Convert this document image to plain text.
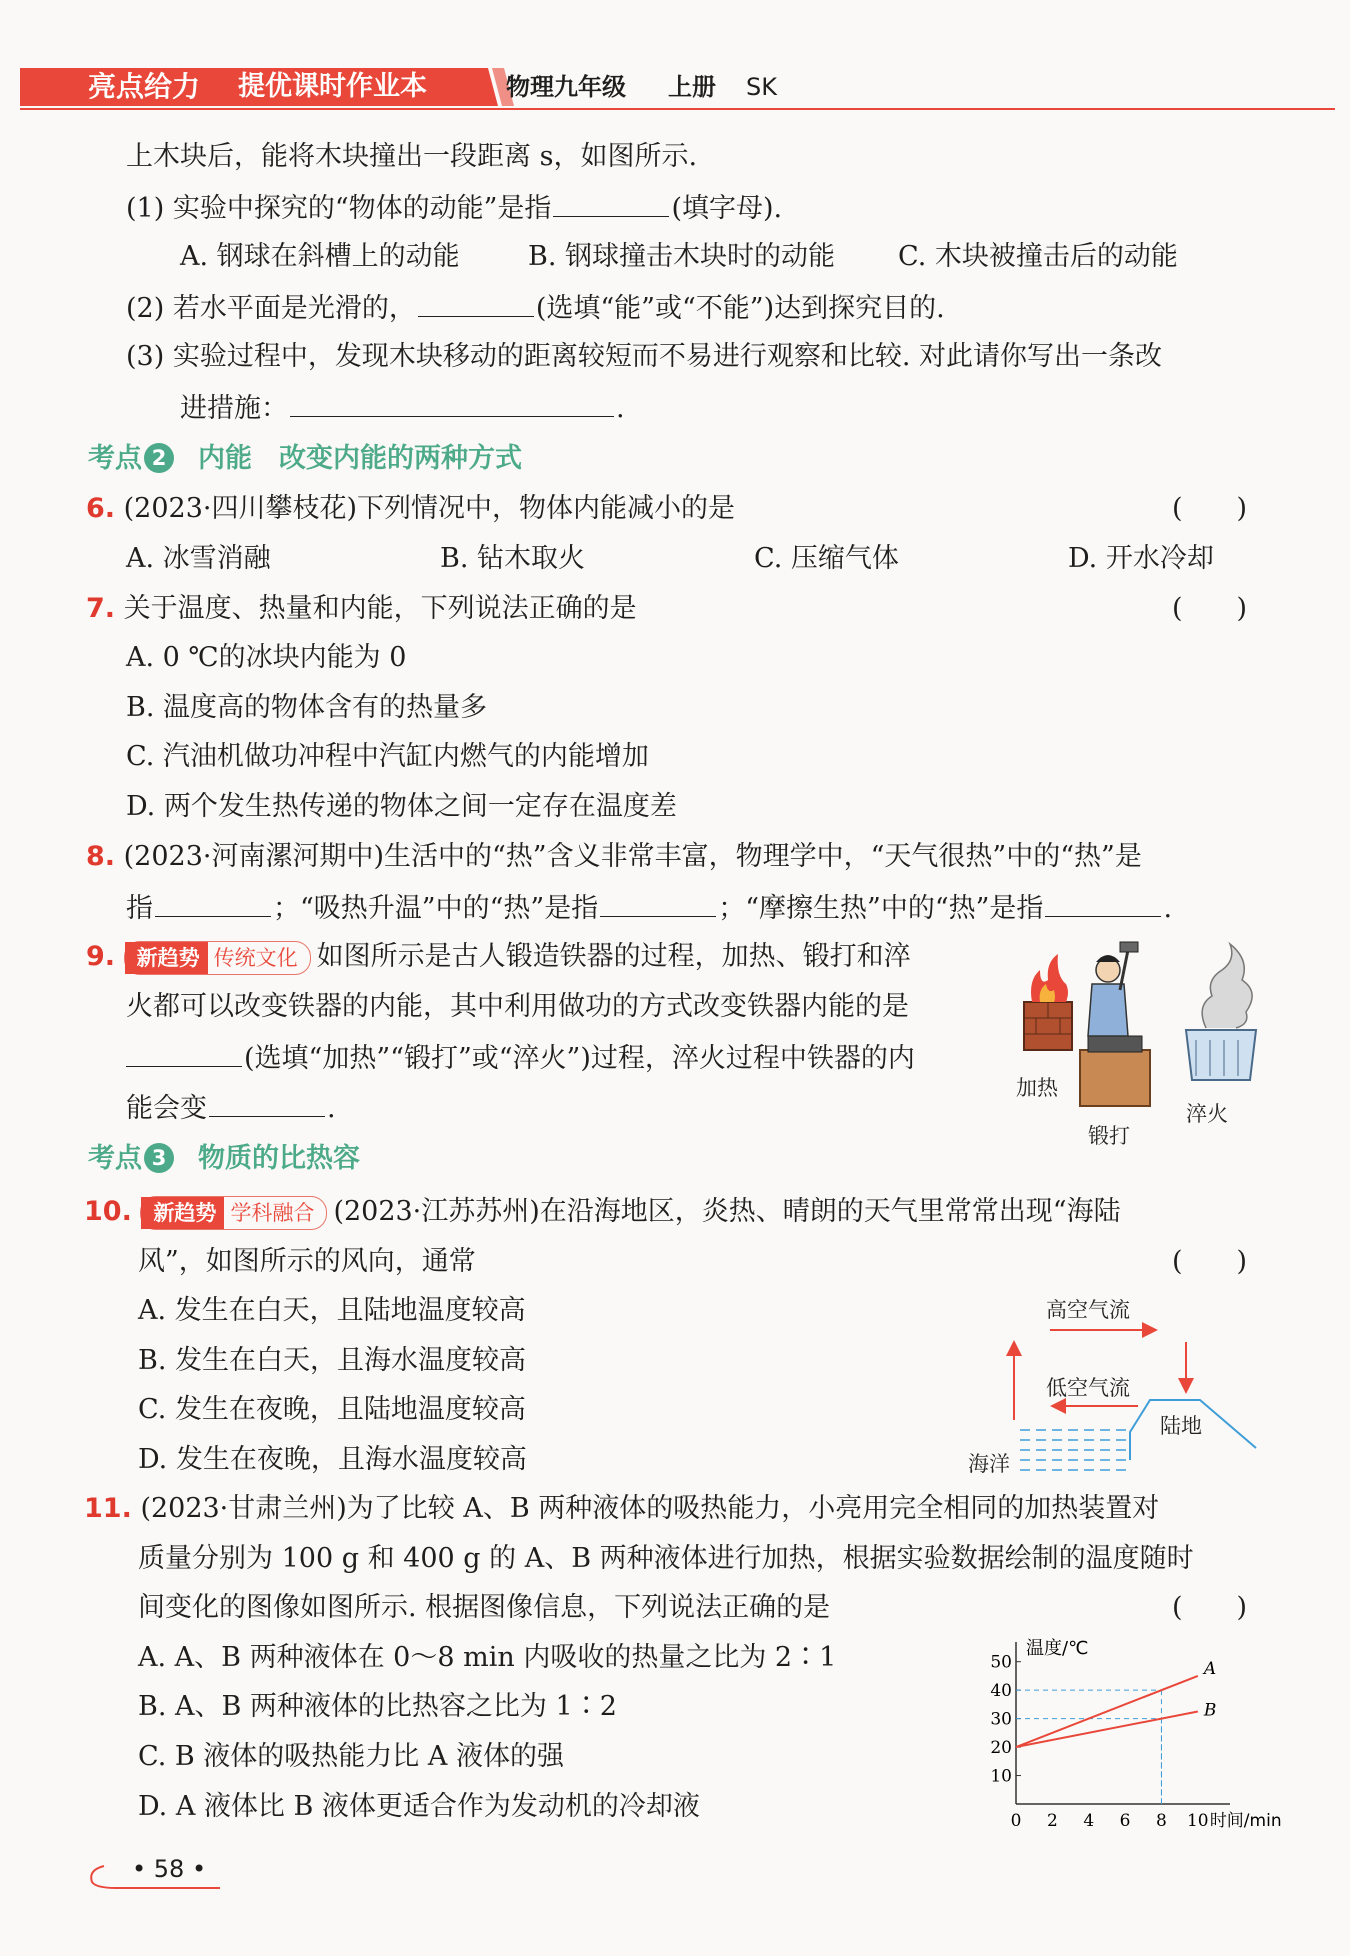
亮点给力 提优课时作业本	物理九年级 上册 SK
上木块后，能将木块撞出一段距离 s，如图所示.
(1) 实验中探究的“物体的动能”是指	(填字母).
A. 钢球在斜槽上的动能	B. 钢球撞击木块时的动能 C. 木块被撞击后的动能
(2) 若水平面是光滑的，	(选填“能”或“不能”)达到探究目的.
(3) 实验过程中，发现木块移动的距离较短而不易进行观察和比较. 对此请你写出一条改
进措施：	.
考点 2 内能　改变内能的两种方式
6. (2023·四川攀枝花)下列情况中，物体内能减小的是	(　　)
A. 冰雪消融	B. 钻木取火	C. 压缩气体	D. 开水冷却
7. 关于温度、热量和内能，下列说法正确的是	(　　)
A. 0 ℃的冰块内能为 0
B. 温度高的物体含有的热量多
C. 汽油机做功冲程中汽缸内燃气的内能增加
D. 两个发生热传递的物体之间一定存在温度差
8. (2023·河南漯河期中)生活中的“热”含义非常丰富，物理学中，“天气很热”中的“热”是
指	；“吸热升温”中的“热”是指	；“摩擦生热”中的“热”是指	.
9. 新趋势 传统文化 如图所示是古人锻造铁器的过程，加热、锻打和淬
火都可以改变铁器的内能，其中利用做功的方式改变铁器内能的是
(选填“加热”“锻打”或“淬火”)过程，淬火过程中铁器的内
能会变	.
加热
锻打
淬火
考点 3 物质的比热容
10. 新趋势 学科融合 (2023·江苏苏州)在沿海地区，炎热、晴朗的天气里常常出现“海陆
风”，如图所示的风向，通常	(　　)
A. 发生在白天，且陆地温度较高
B. 发生在白天，且海水温度较高
C. 发生在夜晚，且陆地温度较高
D. 发生在夜晚，且海水温度较高
高空气流
低空气流
陆地
海洋
11. (2023·甘肃兰州)为了比较 A、B 两种液体的吸热能力，小亮用完全相同的加热装置对
质量分别为 100 g 和 400 g 的 A、B 两种液体进行加热，根据实验数据绘制的温度随时
间变化的图像如图所示. 根据图像信息，下列说法正确的是	(　　)
A. A、B 两种液体在 0～8 min 内吸收的热量之比为 2∶1
B. A、B 两种液体的比热容之比为 1∶2
C. B 液体的吸热能力比 A 液体的强
D. A 液体比 B 液体更适合作为发动机的冷却液	0 2 4 6 8 10
10
20
30
40
50	A
B
温度/℃
时间/min
• 58 •
